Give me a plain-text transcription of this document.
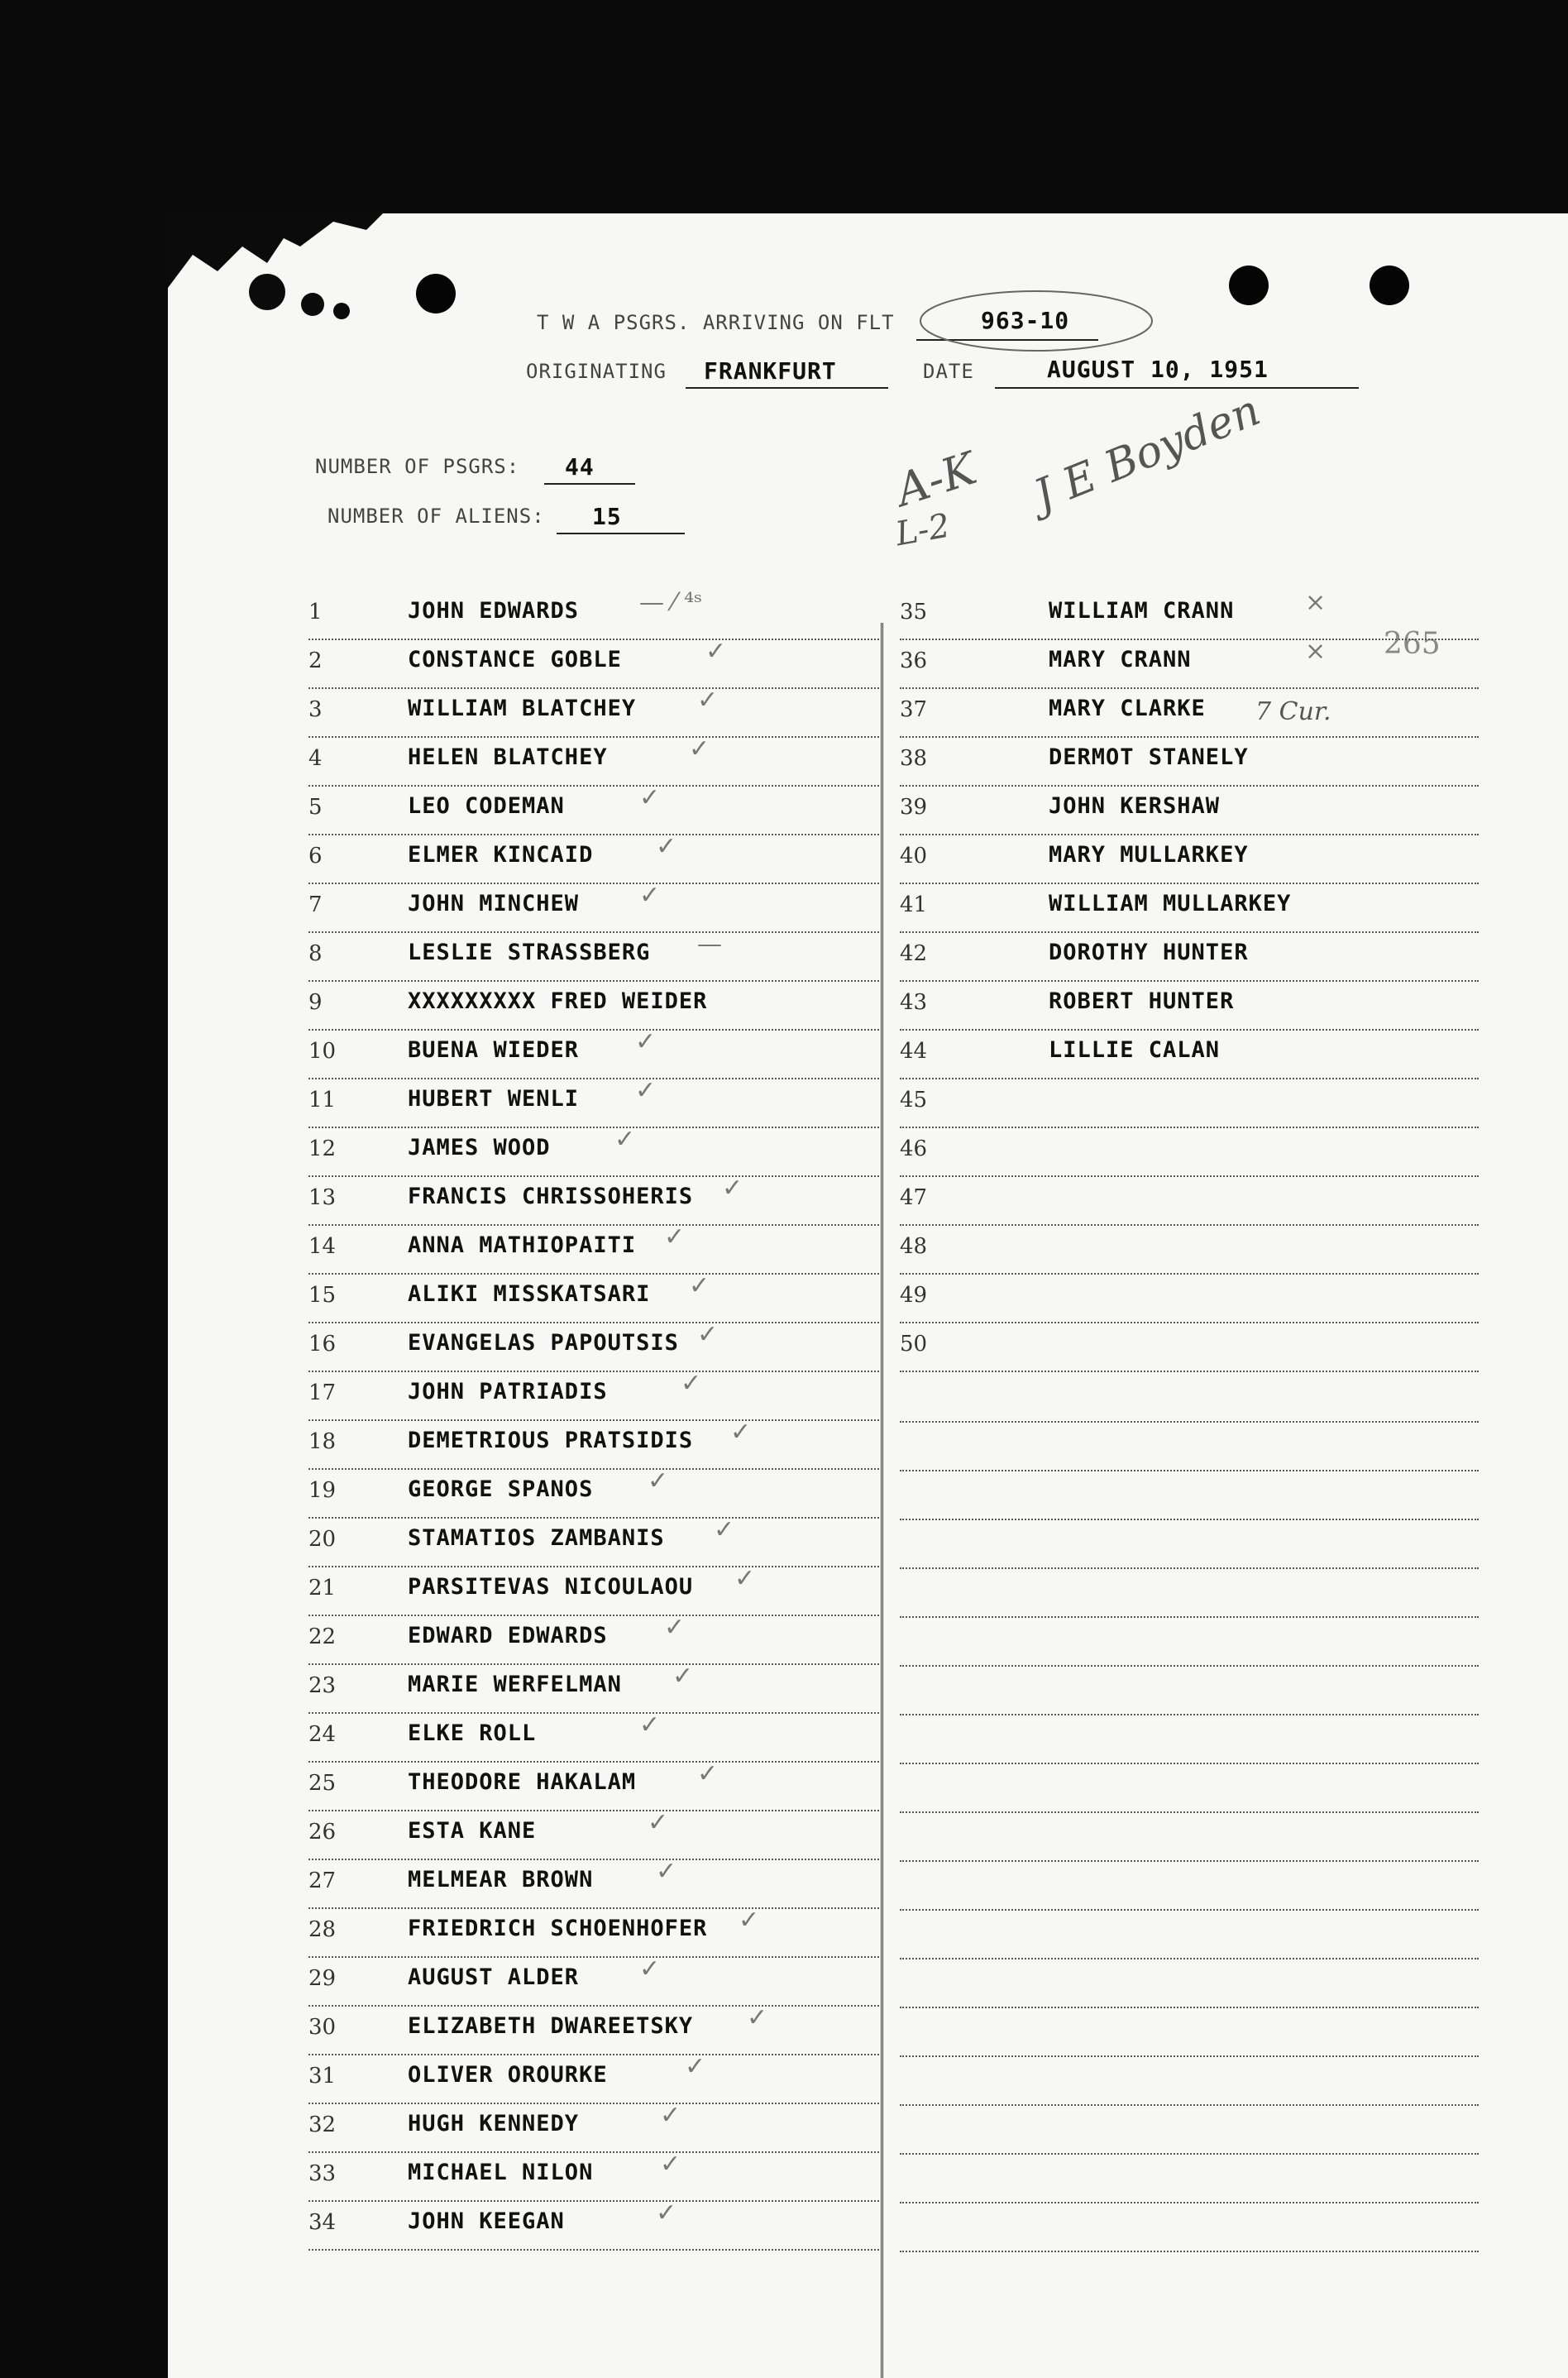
T W A PSGRS. ARRIVING ON FLT	963-10
ORIGINATING FRANKFURT	DATE	AUGUST 10, 1951
NUMBER OF PSGRS: 44
NUMBER OF ALIENS: 15	A-K
L-2
J E Boyden
7 Cur.
265
1	JOHN EDWARDS — ⁄ ⁴ˢ
2	CONSTANCE GOBLE	✓
3	WILLIAM BLATCHEY ✓
4	HELEN BLATCHEY	✓
5	LEO CODEMAN	✓
6	ELMER KINCAID	✓
7	JOHN MINCHEW ✓
8	LESLIE STRASSBERG —
9	XXXXXXXXX FRED WEIDER
10	BUENA WIEDER ✓
11	HUBERT WENLI ✓
12	JAMES WOOD	✓
13	FRANCIS CHRISSOHERIS ✓
14	ANNA MATHIOPAITI ✓
15	ALIKI MISSKATSARI ✓
16	EVANGELAS PAPOUTSIS ✓
17	JOHN PATRIADIS	✓
18	DEMETRIOUS PRATSIDIS ✓
19	GEORGE SPANOS ✓
20	STAMATIOS ZAMBANIS ✓
21	PARSITEVAS NICOULAOU ✓
22	EDWARD EDWARDS ✓
23	MARIE WERFELMAN ✓
24	ELKE ROLL	✓
25	THEODORE HAKALAM ✓
26	ESTA KANE	✓
27	MELMEAR BROWN	✓
28	FRIEDRICH SCHOENHOFER ✓
29	AUGUST ALDER ✓
30	ELIZABETH DWAREETSKY ✓
31	OLIVER OROURKE	✓
32	HUGH KENNEDY	✓
33	MICHAEL NILON	✓
34	JOHN KEEGAN	✓
35	WILLIAM CRANN	×
36	MARY CRANN	×
37	MARY CLARKE
38	DERMOT STANELY
39	JOHN KERSHAW
40	MARY MULLARKEY
41	WILLIAM MULLARKEY
42	DOROTHY HUNTER
43	ROBERT HUNTER
44	LILLIE CALAN
45
46
47
48
49
50
